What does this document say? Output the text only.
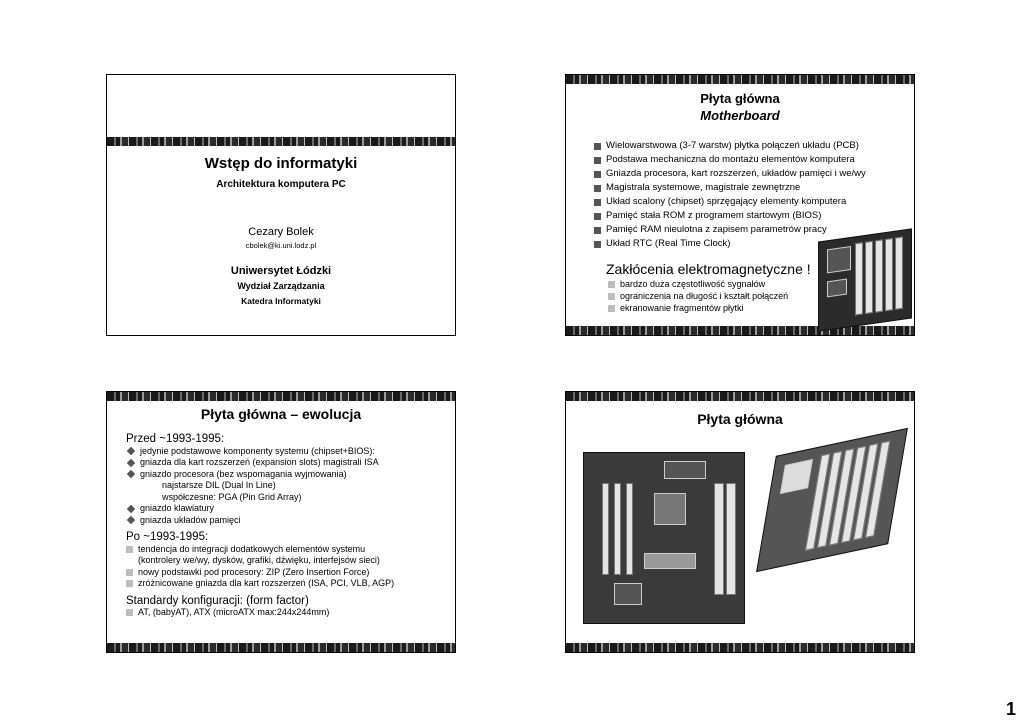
Wstęp do informatyki
Architektura komputera PC
Cezary Bolek
cbolek@ki.uni.lodz.pl
Uniwersytet Łódzki
Wydział Zarządzania
Katedra Informatyki
Płyta główna
Motherboard
Wielowarstwowa (3-7 warstw) płytka połączeń układu (PCB)
Podstawa mechaniczna do montażu elementów komputera
Gniazda procesora, kart rozszerzeń, układów pamięci i we/wy
Magistrala systemowe, magistrale zewnętrzne
Układ scalony (chipset) sprzęgający elementy komputera
Pamięć stała ROM z programem startowym (BIOS)
Pamięć RAM nieulotna z zapisem parametrów pracy
Układ RTC (Real Time Clock)
Zakłócenia elektromagnetyczne !
bardzo duża częstotliwość sygnałów
ograniczenia na długość i kształt połączeń
ekranowanie fragmentów płytki
Płyta główna – ewolucja
Przed ~1993-1995:
jedynie podstawowe komponenty systemu (chipset+BIOS):
gniazda dla kart rozszerzeń (expansion slots) magistrali ISA
gniazdo procesora (bez wspomagania wyjmowania)
najstarsze DIL (Dual In Line)
współczesne: PGA (Pin Grid Array)
gniazdo klawiatury
gniazda układów pamięci
Po ~1993-1995:
tendencja do integracji dodatkowych elementów systemu
(kontrolery we/wy, dysków, grafiki, dźwięku, interfejsów sieci)
nowy podstawki pod procesory: ZIP (Zero Insertion Force)
zróżnicowane gniazda dla kart rozszerzeń (ISA, PCI, VLB, AGP)
Standardy konfiguracji: (form factor)
AT, (babyAT), ATX (microATX max:244x244mm)
Płyta główna
1
